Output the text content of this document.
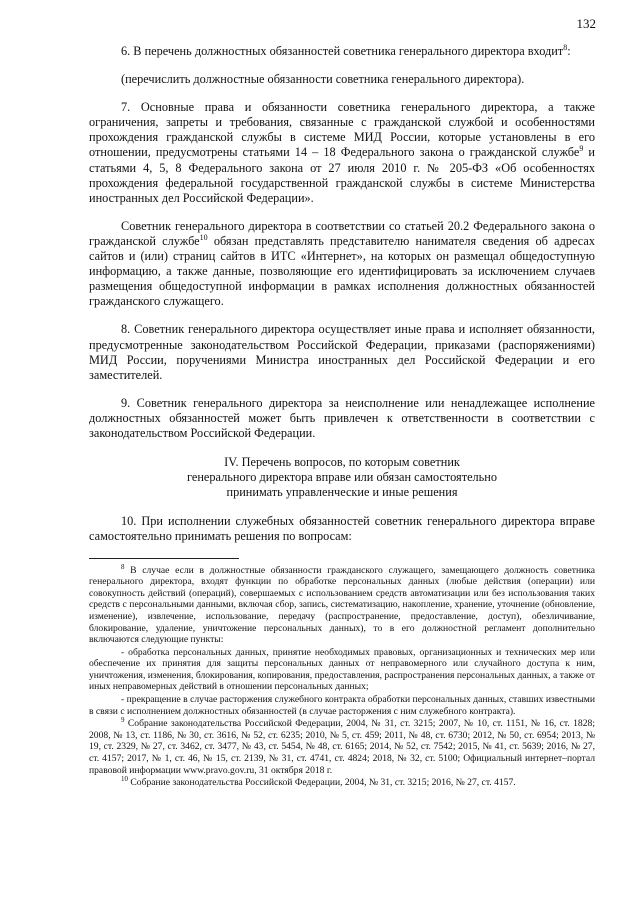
132

6. В перечень должностных обязанностей советника генерального директора входит$^8$:

(перечислить должностные обязанности советника генерального директора).

7. Основные права и обязанности советника генерального директора, а также ограничения, запреты и требования, связанные с гражданской службой и особенностями прохождения гражданской службы в системе МИД России, которые установлены в его отношении, предусмотрены статьями 14 – 18 Федерального закона о гражданской службе$^9$ и статьями 4, 5, 8 Федерального закона от 27 июля 2010 г. № 205-ФЗ «Об особенностях прохождения федеральной государственной гражданской службы в системе Министерства иностранных дел Российской Федерации».

Советник генерального директора в соответствии со статьей 20.2 Федерального закона о гражданской службе$^{10}$ обязан представлять представителю нанимателя сведения об адресах сайтов и (или) страниц сайтов в ИТС «Интернет», на которых он размещал общедоступную информацию, а также данные, позволяющие его идентифицировать за исключением случаев размещения общедоступной информации в рамках исполнения должностных обязанностей гражданского служащего.

8. Советник генерального директора осуществляет иные права и исполняет обязанности, предусмотренные законодательством Российской Федерации, приказами (распоряжениями) МИД России, поручениями Министра иностранных дел Российской Федерации и его заместителей.

9. Советник генерального директора за неисполнение или ненадлежащее исполнение должностных обязанностей может быть привлечен к ответственности в соответствии с законодательством Российской Федерации.

IV. Перечень вопросов, по которым советник
генерального директора вправе или обязан самостоятельно
принимать управленческие и иные решения

10. При исполнении служебных обязанностей советник генерального директора вправе самостоятельно принимать решения по вопросам:

$^8$ В случае если в должностные обязанности гражданского служащего, замещающего должность советника генерального директора, входят функции по обработке персональных данных (любые действия (операции) или совокупность действий (операций), совершаемых с использованием средств автоматизации или без использования таких средств с персональными данными, включая сбор, запись, систематизацию, накопление, хранение, уточнение (обновление, изменение), извлечение, использование, передачу (распространение, предоставление, доступ), обезличивание, блокирование, удаление, уничтожение персональных данных), то в его должностной регламент дополнительно включаются следующие пункты:

- обработка персональных данных, принятие необходимых правовых, организационных и технических мер или обеспечение их принятия для защиты персональных данных от неправомерного или случайного доступа к ним, уничтожения, изменения, блокирования, копирования, предоставления, распространения персональных данных, а также от иных неправомерных действий в отношении персональных данных;

- прекращение в случае расторжения служебного контракта обработки персональных данных, ставших известными в связи с исполнением должностных обязанностей (в случае расторжения с ним служебного контракта).

$^9$ Собрание законодательства Российской Федерации, 2004, № 31, ст. 3215; 2007, № 10, ст. 1151, № 16, ст. 1828; 2008, № 13, ст. 1186, № 30, ст. 3616, № 52, ст. 6235; 2010, № 5, ст. 459; 2011, № 48, ст. 6730; 2012, № 50, ст. 6954; 2013, № 19, ст. 2329, № 27, ст. 3462, ст. 3477, № 43, ст. 5454, № 48, ст. 6165; 2014, № 52, ст. 7542; 2015, № 41, ст. 5639; 2016, № 27, ст. 4157; 2017, № 1, ст. 46, № 15, ст. 2139, № 31, ст. 4741, ст. 4824; 2018, № 32, ст. 5100; Официальный интернет–портал правовой информации www.pravo.gov.ru, 31 октября 2018 г.

$^{10}$ Собрание законодательства Российской Федерации, 2004, № 31, ст. 3215; 2016, № 27, ст. 4157.
